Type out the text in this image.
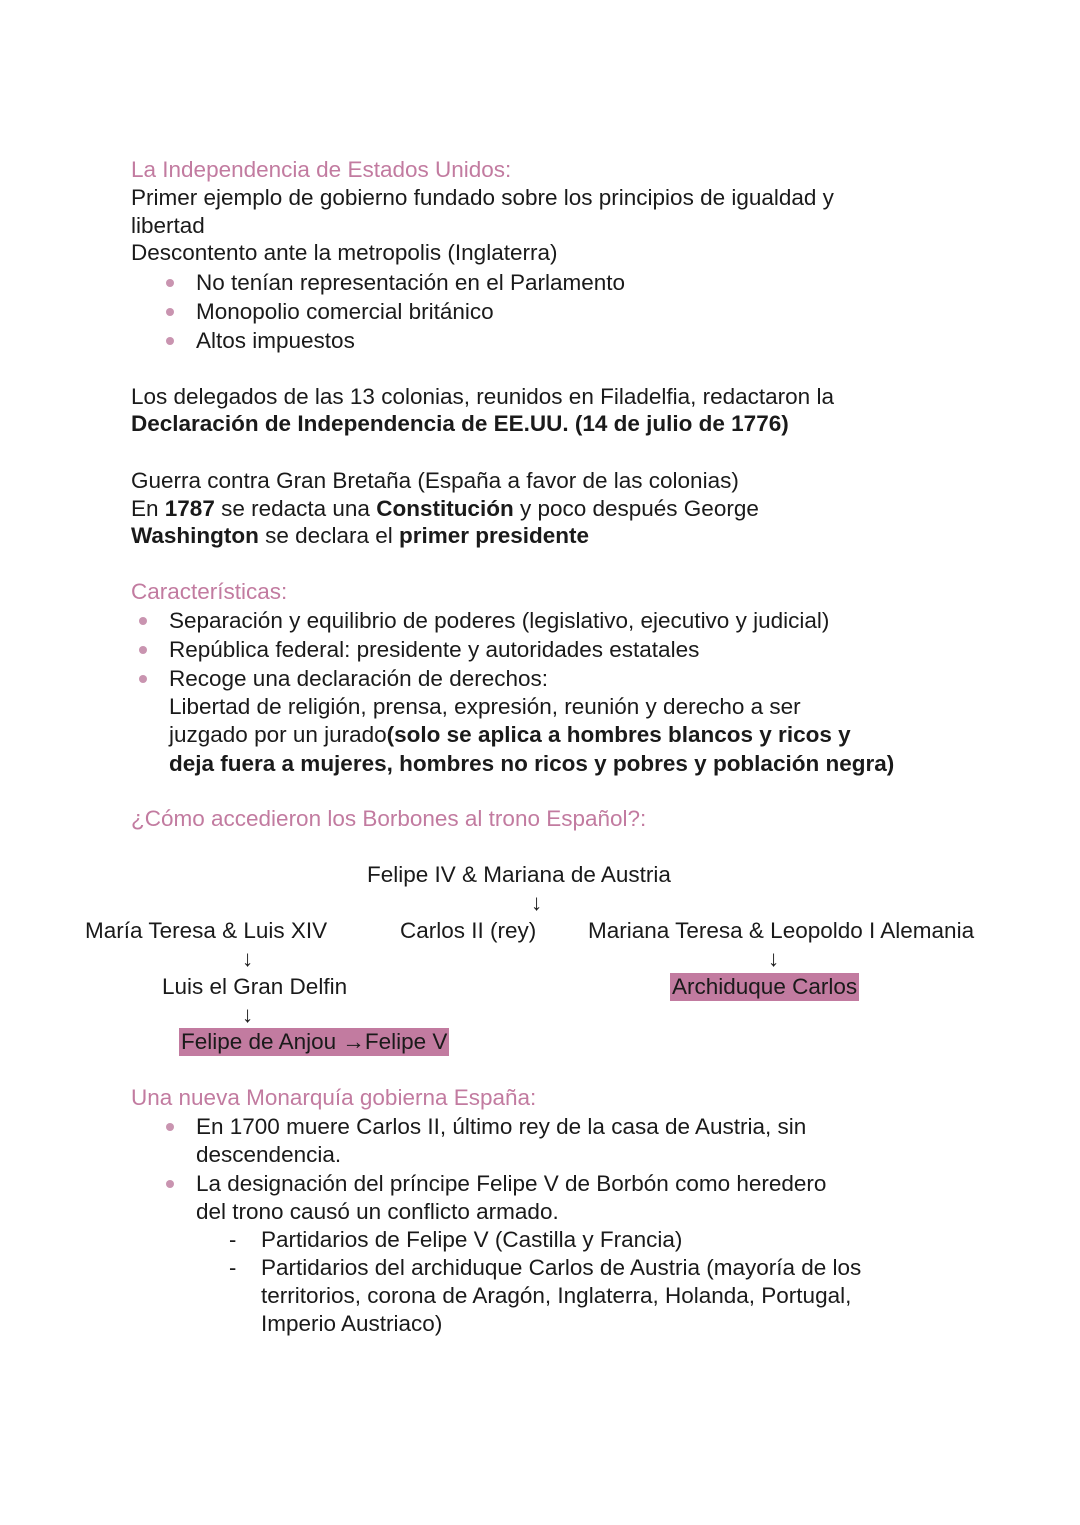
La Independencia de Estados Unidos:
Primer ejemplo de gobierno fundado sobre los principios de igualdad y
libertad
Descontento ante la metropolis (Inglaterra)
No tenían representación en el Parlamento
Monopolio comercial británico
Altos impuestos
Los delegados de las 13 colonias, reunidos en Filadelfia, redactaron la
Declaración de Independencia de EE.UU. (14 de julio de 1776)
Guerra contra Gran Bretaña (España a favor de las colonias)
En 1787 se redacta una Constitución y poco después George
Washington se declara el primer presidente
Características:
Separación y equilibrio de poderes (legislativo, ejecutivo y judicial)
República federal: presidente y autoridades estatales
Recoge una declaración de derechos:
Libertad de religión, prensa, expresión, reunión y derecho a ser
juzgado por un jurado(solo se aplica a hombres blancos y ricos y
deja fuera a mujeres, hombres no ricos y pobres y población negra)
¿Cómo accedieron los Borbones al trono Español?:
Felipe IV & Mariana de Austria
↓
María Teresa & Luis XIV	Carlos II (rey) Mariana Teresa & Leopoldo I Alemania
↓	↓
Luis el Gran Delfin	Archiduque Carlos
↓
Felipe de Anjou →Felipe V
Una nueva Monarquía gobierna España:
En 1700 muere Carlos II, último rey de la casa de Austria, sin
descendencia.
La designación del príncipe Felipe V de Borbón como heredero
del trono causó un conflicto armado.
- Partidarios de Felipe V (Castilla y Francia)
- Partidarios del archiduque Carlos de Austria (mayoría de los
territorios, corona de Aragón, Inglaterra, Holanda, Portugal,
Imperio Austriaco)
